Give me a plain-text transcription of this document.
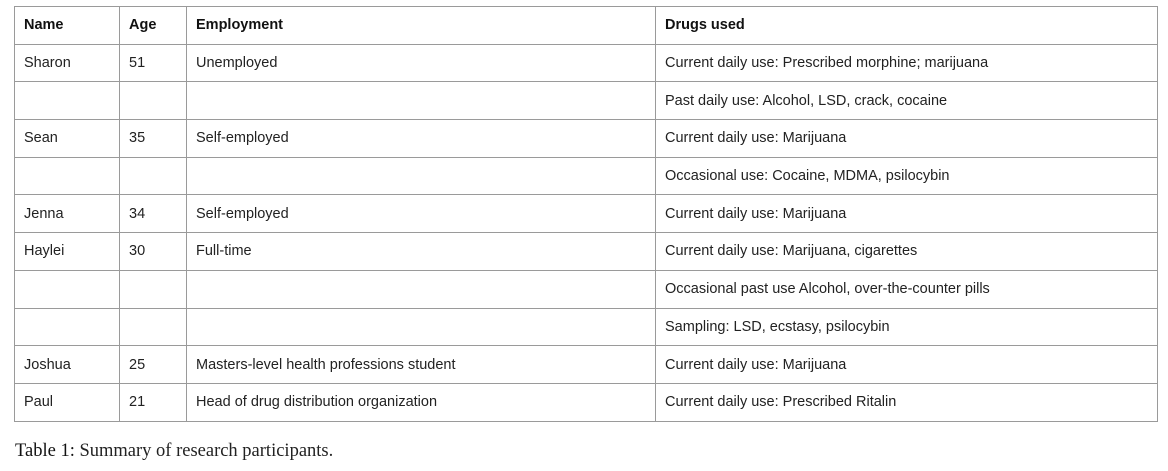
Name	Age	Employment	Drugs used
Sharon	51	Unemployed	Current daily use: Prescribed morphine; marijuana
			Past daily use: Alcohol, LSD, crack, cocaine
Sean	35	Self-employed	Current daily use: Marijuana
			Occasional use: Cocaine, MDMA, psilocybin
Jenna	34	Self-employed	Current daily use: Marijuana
Haylei	30	Full-time	Current daily use: Marijuana, cigarettes
			Occasional past use Alcohol, over-the-counter pills
			Sampling: LSD, ecstasy, psilocybin
Joshua	25	Masters-level health professions student	Current daily use: Marijuana
Paul	21	Head of drug distribution organization	Current daily use: Prescribed Ritalin
Table 1: Summary of research participants.
